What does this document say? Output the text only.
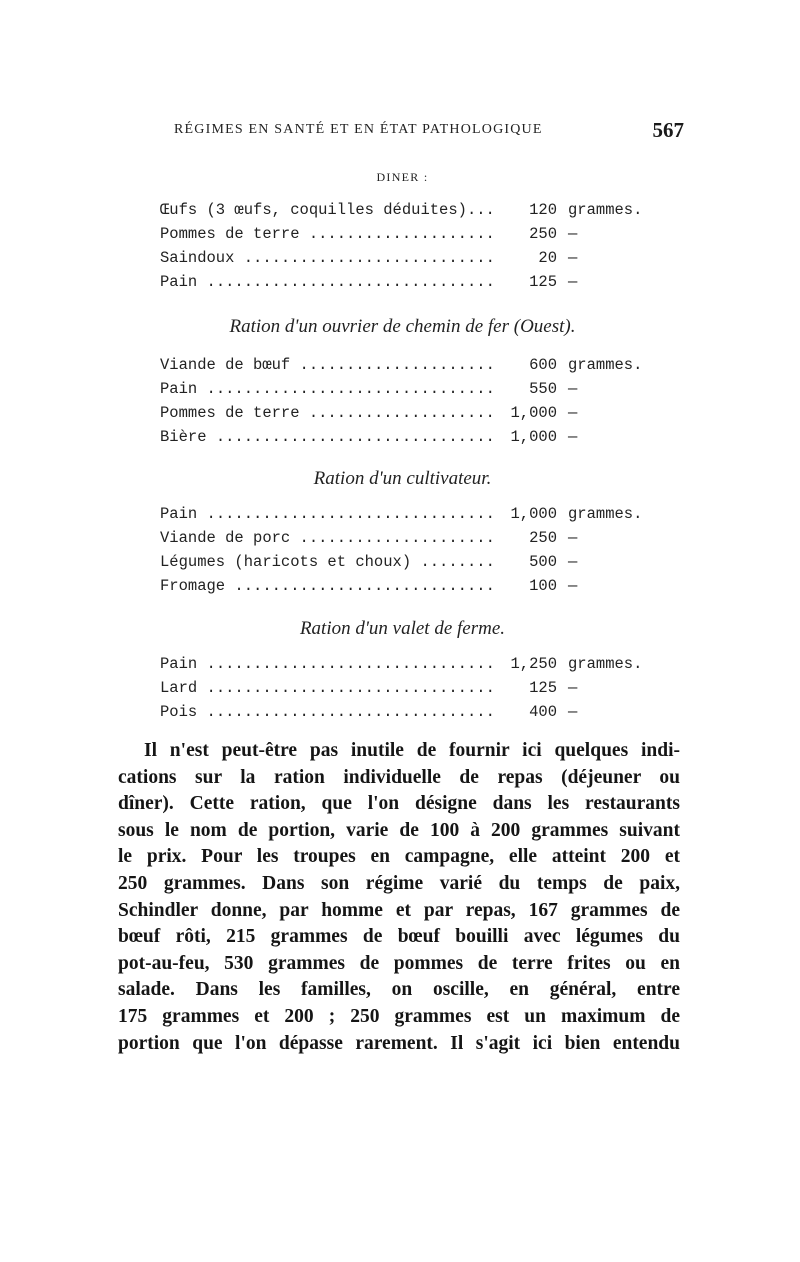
RÉGIMES EN SANTÉ ET EN ÉTAT PATHOLOGIQUE	567
DINER :
Œufs (3 œufs, coquilles déduites)... .....	120 grammes.
Pommes de terre .....	250 —
Saindoux .....	20 —
Pain .....	125 —
Ration d'un ouvrier de chemin de fer (Ouest).
Viande de bœuf .....	600 grammes.
Pain .....	550 —
Pommes de terre .....	1,000 —
Bière .....	1,000 —
Ration d'un cultivateur.
Pain .....	1,000 grammes.
Viande de porc .....	250 —
Légumes (haricots et choux) .....	500 —
Fromage .....	100 —
Ration d'un valet de ferme.
Pain .....	1,250 grammes.
Lard .....	125 —
Pois .....	400 —
Il n'est peut-être pas inutile de fournir ici quelques indi-
cations sur la ration individuelle de repas (déjeuner ou
dîner). Cette ration, que l'on désigne dans les restaurants
sous le nom de portion, varie de 100 à 200 grammes suivant
le prix. Pour les troupes en campagne, elle atteint 200 et
250 grammes. Dans son régime varié du temps de paix,
Schindler donne, par homme et par repas, 167 grammes de
bœuf rôti, 215 grammes de bœuf bouilli avec légumes du
pot-au-feu, 530 grammes de pommes de terre frites ou en
salade. Dans les familles, on oscille, en général, entre
175 grammes et 200 ; 250 grammes est un maximum de
portion que l'on dépasse rarement. Il s'agit ici bien entendu
